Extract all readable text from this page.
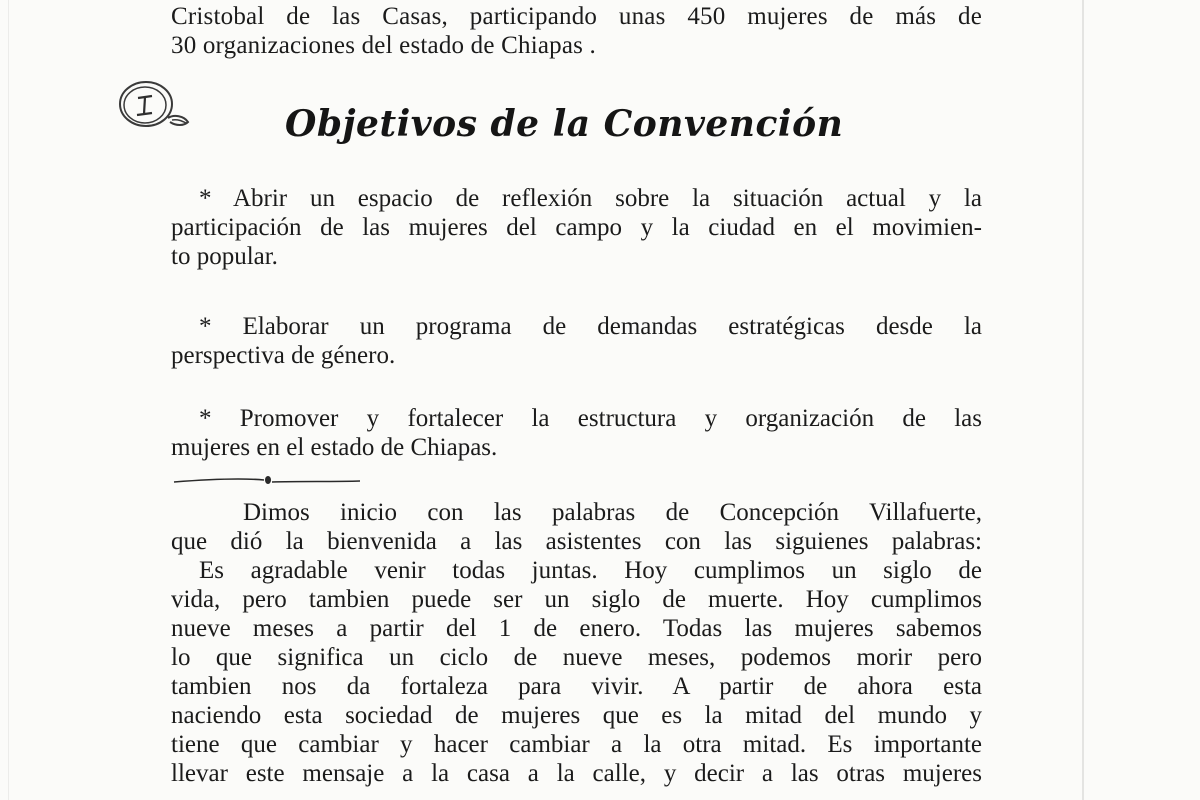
Cristobal de las Casas, participando unas 450 mujeres de más de
30 organizaciones del estado de Chiapas .
Objetivos de la Convención
* Abrir un espacio de reflexión sobre la situación actual y la
participación de las mujeres del campo y la ciudad en el movimien-
to popular.
* Elaborar un programa de demandas estratégicas desde la
perspectiva de género.
* Promover y fortalecer la estructura y organización de las
mujeres en el estado de Chiapas.
Dimos inicio con las palabras de Concepción Villafuerte,
que dió la bienvenida a las asistentes con las siguienes palabras:
Es agradable venir todas juntas. Hoy cumplimos un siglo de
vida, pero tambien puede ser un siglo de muerte. Hoy cumplimos
nueve meses a partir del 1 de enero. Todas las mujeres sabemos
lo que significa un ciclo de nueve meses, podemos morir pero
tambien nos da fortaleza para vivir. A partir de ahora esta
naciendo esta sociedad de mujeres que es la mitad del mundo y
tiene que cambiar y hacer cambiar a la otra mitad. Es importante
llevar este mensaje a la casa a la calle, y decir a las otras mujeres
